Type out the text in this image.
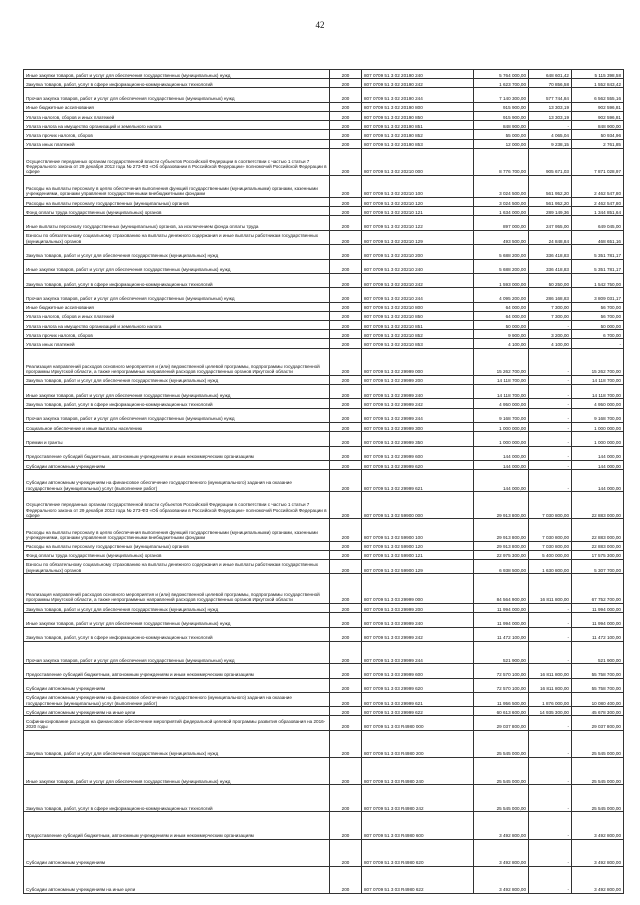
42
Иные закупки товаров, работ и услуг для обеспечения государственных (муниципальных) нужд	200	807 0709 51 3 02 20190 240	5 764 000,00	648 601,42	5 115 398,58
Закупка товаров, работ, услуг в сфере информационно-коммуникационных технологий	200	807 0709 51 3 02 20190 242	1 623 700,00	70 856,58	1 552 843,42
Прочая закупка товаров, работ и услуг для обеспечения государственных (муниципальных) нужд	200	807 0709 51 3 02 20190 244	7 140 300,00	577 744,84	6 562 555,16
Иные бюджетные ассигнования	200	807 0709 51 3 02 20190 800	915 900,00	13 303,19	902 596,81
Уплата налогов, сборов и иных платежей	200	807 0709 51 3 02 20190 850	915 900,00	13 303,19	902 596,81
Уплата налога на имущество организаций и земельного налога	200	807 0709 51 3 02 20190 851	848 900,00	-	848 900,00
Уплата прочих налогов, сборов	200	807 0709 51 3 02 20190 852	55 000,00	4 065,04	50 934,96
Уплата иных платежей	200	807 0709 51 3 02 20190 853	12 000,00	9 238,15	2 761,85
Осуществление переданных органам государственной власти субъектов Российской Федерации в соответствии с частью 1 статьи 7 Федерального закона от 29 декабря 2012 года № 273-ФЗ «Об образовании в Российской Федерации» полномочий Российской Федерации в сфере	200	807 0709 51 3 02 20210 000	8 776 700,00	905 671,03	7 871 028,97
Расходы на выплаты персоналу в целях обеспечения выполнения функций государственными (муниципальными) органами, казенными учреждениями, органами управления государственными внебюджетными фондами	200	807 0709 51 3 02 20210 100	3 024 500,00	561 952,20	2 462 547,80
Расходы на выплаты персоналу государственных (муниципальных) органов	200	807 0709 51 3 02 20210 120	3 024 500,00	561 952,20	2 462 547,80
Фонд оплаты труда государственных (муниципальных) органов	200	807 0709 51 3 02 20210 121	1 634 000,00	289 149,36	1 344 851,64
Иные выплаты персоналу государственных (муниципальных) органов, за исключением фонда оплаты труда	200	807 0709 51 3 02 20210 122	897 000,00	247 955,00	649 045,00
Взносы по обязательному социальному страхованию на выплаты денежного содержания и иные выплаты работникам государственных (муниципальных) органов	200	807 0709 51 3 02 20210 129	493 500,00	24 848,84	468 651,16
Закупка товаров, работ и услуг для обеспечения государственных (муниципальных) нужд	200	807 0709 51 3 02 20210 200	5 688 200,00	336 418,83	5 351 781,17
Иные закупки товаров, работ и услуг для обеспечения государственных (муниципальных) нужд	200	807 0709 51 3 02 20210 240	5 688 200,00	336 418,83	5 351 781,17
Закупка товаров, работ, услуг в сфере информационно-коммуникационных технологий	200	807 0709 51 3 02 20210 242	1 593 000,00	50 250,00	1 542 750,00
Прочая закупка товаров, работ и услуг для обеспечения государственных (муниципальных) нужд	200	807 0709 51 3 02 20210 244	4 095 200,00	286 168,83	3 809 031,17
Иные бюджетные ассигнования	200	807 0709 51 3 02 20210 800	64 000,00	7 300,00	56 700,00
Уплата налогов, сборов и иных платежей	200	807 0709 51 3 02 20210 850	64 000,00	7 300,00	56 700,00
Уплата налога на имущество организаций и земельного налога	200	807 0709 51 3 02 20210 851	50 000,00	-	50 000,00
Уплата прочих налогов, сборов	200	807 0709 51 3 02 20210 852	9 900,00	3 200,00	6 700,00
Уплата иных платежей	200	807 0709 51 3 02 20210 853	4 100,00	4 100,00	-
Реализация направлений расходов основного мероприятия и (или) ведомственной целевой программы, подпрограммы государственной программы Иркутской области, а также непрограммных направлений расходов государственных органов Иркутской области	200	807 0709 51 3 02 29999 000	15 262 700,00	-	15 262 700,00
Закупка товаров, работ и услуг для обеспечения государственных (муниципальных) нужд	200	807 0709 51 3 02 29999 200	14 118 700,00	-	14 118 700,00
Иные закупки товаров, работ и услуг для обеспечения государственных (муниципальных) нужд	200	807 0709 51 3 02 29999 240	14 118 700,00	-	14 118 700,00
Закупка товаров, работ, услуг в сфере информационно-коммуникационных технологий	200	807 0709 51 3 02 29999 242	4 950 000,00	-	4 950 000,00
Прочая закупка товаров, работ и услуг для обеспечения государственных (муниципальных) нужд	200	807 0709 51 3 02 29999 244	9 168 700,00	-	9 168 700,00
Социальное обеспечение и иные выплаты населению	200	807 0709 51 3 02 29999 300	1 000 000,00	-	1 000 000,00
Премии и гранты	200	807 0709 51 3 02 29999 350	1 000 000,00	-	1 000 000,00
Предоставление субсидий бюджетным, автономным учреждениям и иным некоммерческим организациям	200	807 0709 51 3 02 29999 600	144 000,00	-	144 000,00
Субсидии автономным учреждениям	200	807 0709 51 3 02 29999 620	144 000,00	-	144 000,00
Субсидии автономным учреждениям на финансовое обеспечение государственного (муниципального) задания на оказание государственных (муниципальных) услуг (выполнение работ)	200	807 0709 51 3 02 29999 621	144 000,00	-	144 000,00
Осуществление переданных органам государственной власти субъектов Российской Федерации в соответствии с частью 1 статьи 7 Федерального закона от 29 декабря 2012 года № 273-ФЗ «Об образовании в Российской Федерации» полномочий Российской Федерации в сфере	200	807 0709 51 3 02 59900 000	29 913 800,00	7 030 800,00	22 883 000,00
Расходы на выплаты персоналу в целях обеспечения выполнения функций государственными (муниципальными) органами, казенными учреждениями, органами управления государственными внебюджетными фондами	200	807 0709 51 3 02 59900 100	29 913 800,00	7 030 800,00	22 883 000,00
Расходы на выплаты персоналу государственных (муниципальных) органов	200	807 0709 51 3 02 59900 120	29 913 800,00	7 030 800,00	22 883 000,00
Фонд оплаты труда государственных (муниципальных) органов	200	807 0709 51 3 02 59900 121	22 975 300,00	5 400 000,00	17 575 300,00
Взносы по обязательному социальному страхованию на выплаты денежного содержания и иные выплаты работникам государственных (муниципальных) органов	200	807 0709 51 3 02 59900 129	6 938 500,00	1 630 800,00	5 307 700,00
Реализация направлений расходов основного мероприятия и (или) ведомственной целевой программы, подпрограммы государственной программы Иркутской области, а также непрограммных направлений расходов государственных органов Иркутской области	200	807 0709 51 3 03 29999 000	84 564 900,00	16 811 800,00	67 752 700,00
Закупка товаров, работ и услуг для обеспечения государственных (муниципальных) нужд	200	807 0709 51 3 03 29999 200	11 994 000,00	-	11 994 000,00
Иные закупки товаров, работ и услуг для обеспечения государственных (муниципальных) нужд	200	807 0709 51 3 03 29999 240	11 994 000,00	-	11 994 000,00
Закупка товаров, работ, услуг в сфере информационно-коммуникационных технологий	200	807 0709 51 3 03 29999 242	11 472 100,00	-	11 472 100,00
Прочая закупка товаров, работ и услуг для обеспечения государственных (муниципальных) нужд	200	807 0709 51 3 03 29999 244	521 900,00	-	521 900,00
Предоставление субсидий бюджетным, автономным учреждениям и иным некоммерческим организациям	200	807 0709 51 3 03 29999 600	72 570 100,00	16 811 800,00	55 758 700,00
Субсидии автономным учреждениям	200	807 0709 51 3 03 29999 620	72 570 100,00	16 811 800,00	55 758 700,00
Субсидии автономным учреждениям на финансовое обеспечение государственного (муниципального) задания на оказание государственных (муниципальных) услуг (выполнение работ)	200	807 0709 51 3 03 29999 621	11 956 500,00	1 876 000,00	10 080 400,00
Субсидии автономным учреждениям на иные цели	200	807 0709 51 3 03 29999 622	60 613 600,00	14 935 300,00	45 678 300,00
Софинансирование расходов на финансовое обеспечение мероприятий федеральной целевой программы развития образования на 2016-2020 годы	200	807 0709 51 3 03 R4980 000	29 037 800,00	-	29 037 800,00
Закупка товаров, работ и услуг для обеспечения государственных (муниципальных) нужд	200	807 0709 51 3 03 R4980 200	25 545 000,00	-	25 545 000,00
Иные закупки товаров, работ и услуг для обеспечения государственных (муниципальных) нужд	200	807 0709 51 3 03 R4980 240	25 545 000,00	-	25 545 000,00
Закупка товаров, работ, услуг в сфере информационно-коммуникационных технологий	200	807 0709 51 3 03 R4980 242	25 545 000,00	-	25 545 000,00
Предоставление субсидий бюджетным, автономным учреждениям и иным некоммерческим организациям	200	807 0709 51 3 03 R4980 600	3 492 800,00	-	3 492 800,00
Субсидии автономным учреждениям	200	807 0709 51 3 03 R4980 620	3 492 800,00	-	3 492 800,00
Субсидии автономным учреждениям на иные цели	200	807 0709 51 3 03 R4980 622	3 492 800,00	-	3 492 800,00
